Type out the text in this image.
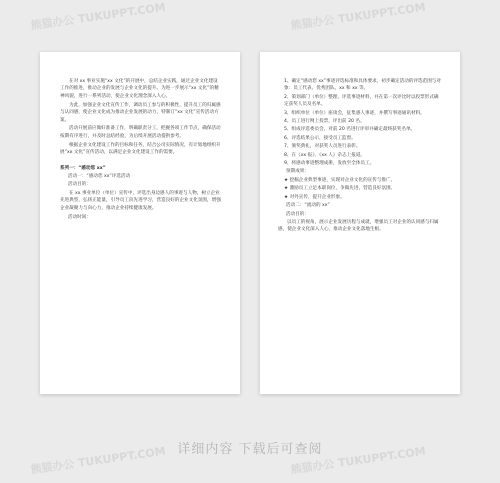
在对 xx 事业实施“xx 文化”的开展中，总结企业实践，通过企业文化建设工作的推进，推动企业的发展与企业文化的提升。为进一步展示“xx 文化”的精神风貌，进行一系列活动，使企业文化理念深入人心。

为此，加强企业文化宣传工作，调动员工参与的积极性，提升员工的归属感与认同感，使企业文化成为推动企业发展的动力，特制订“xx 文化”宣传活动方案。

活动开展前应做好准备工作，明确职责分工，把握各项工作节点，确保活动按期有序进行，并及时总结经验，为后续开展活动提供参考。

根据企业文化建设工作的目标和任务，结合公司实际情况，有计划地组织开展“xx 文化”宣传活动，以满足企业文化建设工作的需要。

系列一：“感动您 xx”

活动一：“感动您 xx”评选活动

活动目的：

在 xx 事业单位（单位）宣传中，评选出身边感人的事迹与人物，树立企业先进典型，弘扬正能量，引导员工向先进学习，营造良好的企业文化氛围，增强企业凝聚力与向心力，推动企业持续健康发展。

活动时间：

1、确定“感动您 xx”事迹评选标准和具体要求，初步确定活动的评选范围与对象：员工代表、优秀团队、xx 和 xx 等。

2、策划部门（单位）整理、评选事迹材料，并在第一次评比时以投票形式确定获奖人员及名单。

3、组织单位（单位）座谈会，征集感人事迹，并撰写事迹通讯材料。

4、员工进行网上投票，评出前 20 名。

5、组成评选委员会，对前 20 名进行评审并确定最终获奖名单。

6、评选结果公示，接受员工监督。

7、颁奖典礼，对获奖人员进行表彰。

8、在《xx 报》、《xx 人》杂志上报道。

9、将感动事迹整理成册，发放至全体员工。

预期成果：

★ 挖掘企业典型事迹，实现对企业文化的宣传与推广。

★ 激励员工立足本职岗位，争做先进，营造良好氛围。

★ 对外宣传，提升企业形象。

活动二：“流动的 xx”

活动目的：

以员工的视角，展示企业发展历程与成就，增强员工对企业的认同感与归属感，使企业文化深入人心，推动企业文化落地生根。

熊猫办公 TUKUPPT.COM	熊猫办公 TUKUPPT.COM
熊猫办公 TUKUPPT.COM	熊猫办公 TUKUPPT.COM
详细内容 下载后可查阅
